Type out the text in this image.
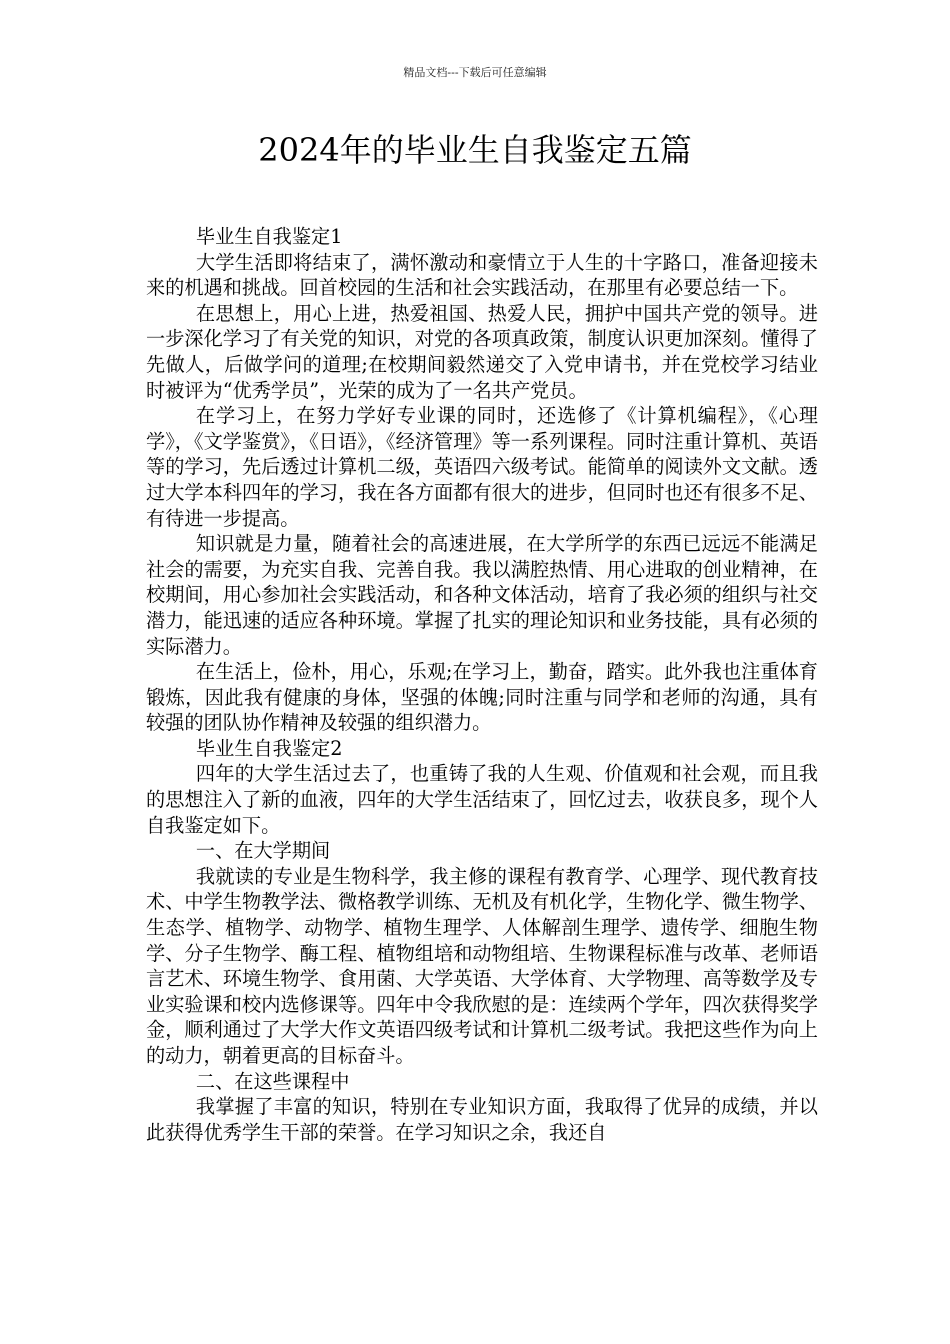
精品文档---下载后可任意编辑
2024年的毕业生自我鉴定五篇

毕业生自我鉴定1

大学生活即将结束了，满怀激动和豪情立于人生的十字路口，准备迎接未来的机遇和挑战。回首校园的生活和社会实践活动，在那里有必要总结一下。

在思想上，用心上进，热爱祖国、热爱人民，拥护中国共产党的领导。进一步深化学习了有关党的知识，对党的各项真政策，制度认识更加深刻。懂得了先做人，后做学问的道理;在校期间毅然递交了入党申请书，并在党校学习结业时被评为“优秀学员”，光荣的成为了一名共产党员。

在学习上，在努力学好专业课的同时，还选修了《计算机编程》，《心理学》，《文学鉴赏》，《日语》，《经济管理》等一系列课程。同时注重计算机、英语等的学习，先后透过计算机二级，英语四六级考试。能简单的阅读外文文献。透过大学本科四年的学习，我在各方面都有很大的进步，但同时也还有很多不足、有待进一步提高。

知识就是力量，随着社会的高速进展，在大学所学的东西已远远不能满足社会的需要，为充实自我、完善自我。我以满腔热情、用心进取的创业精神，在校期间，用心参加社会实践活动，和各种文体活动，培育了我必须的组织与社交潜力，能迅速的适应各种环境。掌握了扎实的理论知识和业务技能，具有必须的实际潜力。

在生活上，俭朴，用心，乐观;在学习上，勤奋，踏实。此外我也注重体育锻炼，因此我有健康的身体，坚强的体魄;同时注重与同学和老师的沟通，具有较强的团队协作精神及较强的组织潜力。

毕业生自我鉴定2

四年的大学生活过去了，也重铸了我的人生观、价值观和社会观，而且我的思想注入了新的血液，四年的大学生活结束了，回忆过去，收获良多，现个人自我鉴定如下。

一、在大学期间

我就读的专业是生物科学，我主修的课程有教育学、心理学、现代教育技术、中学生物教学法、微格教学训练、无机及有机化学，生物化学、微生物学、生态学、植物学、动物学、植物生理学、人体解剖生理学、遗传学、细胞生物学、分子生物学、酶工程、植物组培和动物组培、生物课程标准与改革、老师语言艺术、环境生物学、食用菌、大学英语、大学体育、大学物理、高等数学及专业实验课和校内选修课等。四年中令我欣慰的是：连续两个学年，四次获得奖学金，顺利通过了大学大作文英语四级考试和计算机二级考试。我把这些作为向上的动力，朝着更高的目标奋斗。

二、在这些课程中

我掌握了丰富的知识，特别在专业知识方面，我取得了优异的成绩，并以此获得优秀学生干部的荣誉。在学习知识之余，我还自
